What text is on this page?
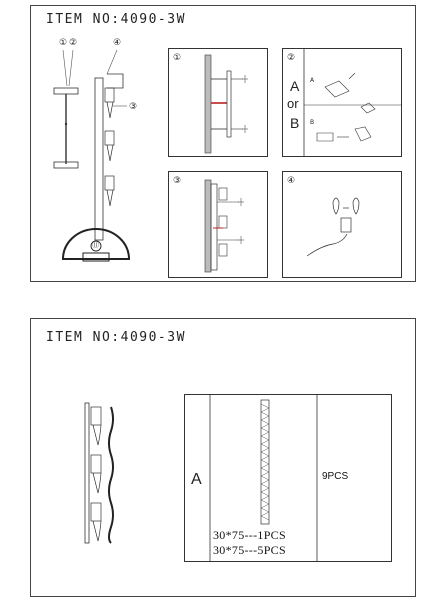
ITEM NO:4090-3W
① ②	④
③
⑪
①	②
A
or
B
A
B
③	④
ITEM NO:4090-3W
A
30*75---1PCS
30*75---5PCS
9PCS
